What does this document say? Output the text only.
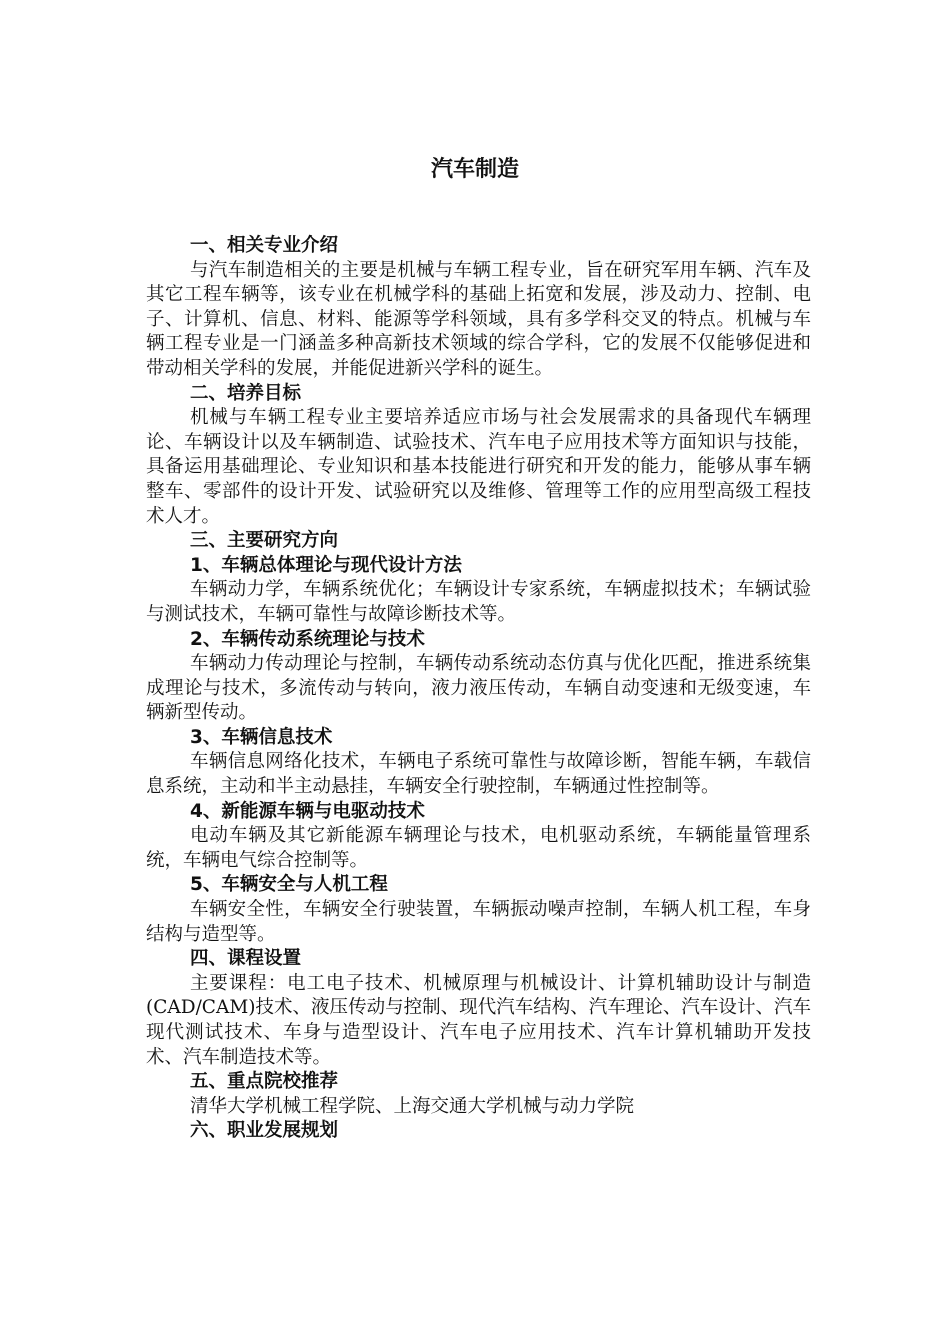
汽车制造

一、相关专业介绍

与汽车制造相关的主要是机械与车辆工程专业，旨在研究军用车辆、汽车及其它工程车辆等，该专业在机械学科的基础上拓宽和发展，涉及动力、控制、电子、计算机、信息、材料、能源等学科领域，具有多学科交叉的特点。机械与车辆工程专业是一门涵盖多种高新技术领域的综合学科，它的发展不仅能够促进和带动相关学科的发展，并能促进新兴学科的诞生。

二、培养目标

机械与车辆工程专业主要培养适应市场与社会发展需求的具备现代车辆理论、车辆设计以及车辆制造、试验技术、汽车电子应用技术等方面知识与技能，具备运用基础理论、专业知识和基本技能进行研究和开发的能力，能够从事车辆整车、零部件的设计开发、试验研究以及维修、管理等工作的应用型高级工程技术人才。

三、主要研究方向

1、车辆总体理论与现代设计方法

车辆动力学，车辆系统优化；车辆设计专家系统，车辆虚拟技术；车辆试验与测试技术，车辆可靠性与故障诊断技术等。

2、车辆传动系统理论与技术

车辆动力传动理论与控制，车辆传动系统动态仿真与优化匹配，推进系统集成理论与技术，多流传动与转向，液力液压传动，车辆自动变速和无级变速，车辆新型传动。

3、车辆信息技术

车辆信息网络化技术，车辆电子系统可靠性与故障诊断，智能车辆，车载信息系统，主动和半主动悬挂，车辆安全行驶控制，车辆通过性控制等。

4、新能源车辆与电驱动技术

电动车辆及其它新能源车辆理论与技术，电机驱动系统，车辆能量管理系统，车辆电气综合控制等。

5、车辆安全与人机工程

车辆安全性，车辆安全行驶装置，车辆振动噪声控制，车辆人机工程，车身结构与造型等。

四、课程设置

主要课程：电工电子技术、机械原理与机械设计、计算机辅助设计与制造(CAD/CAM)技术、液压传动与控制、现代汽车结构、汽车理论、汽车设计、汽车现代测试技术、车身与造型设计、汽车电子应用技术、汽车计算机辅助开发技术、汽车制造技术等。

五、重点院校推荐

清华大学机械工程学院、上海交通大学机械与动力学院

六、职业发展规划
